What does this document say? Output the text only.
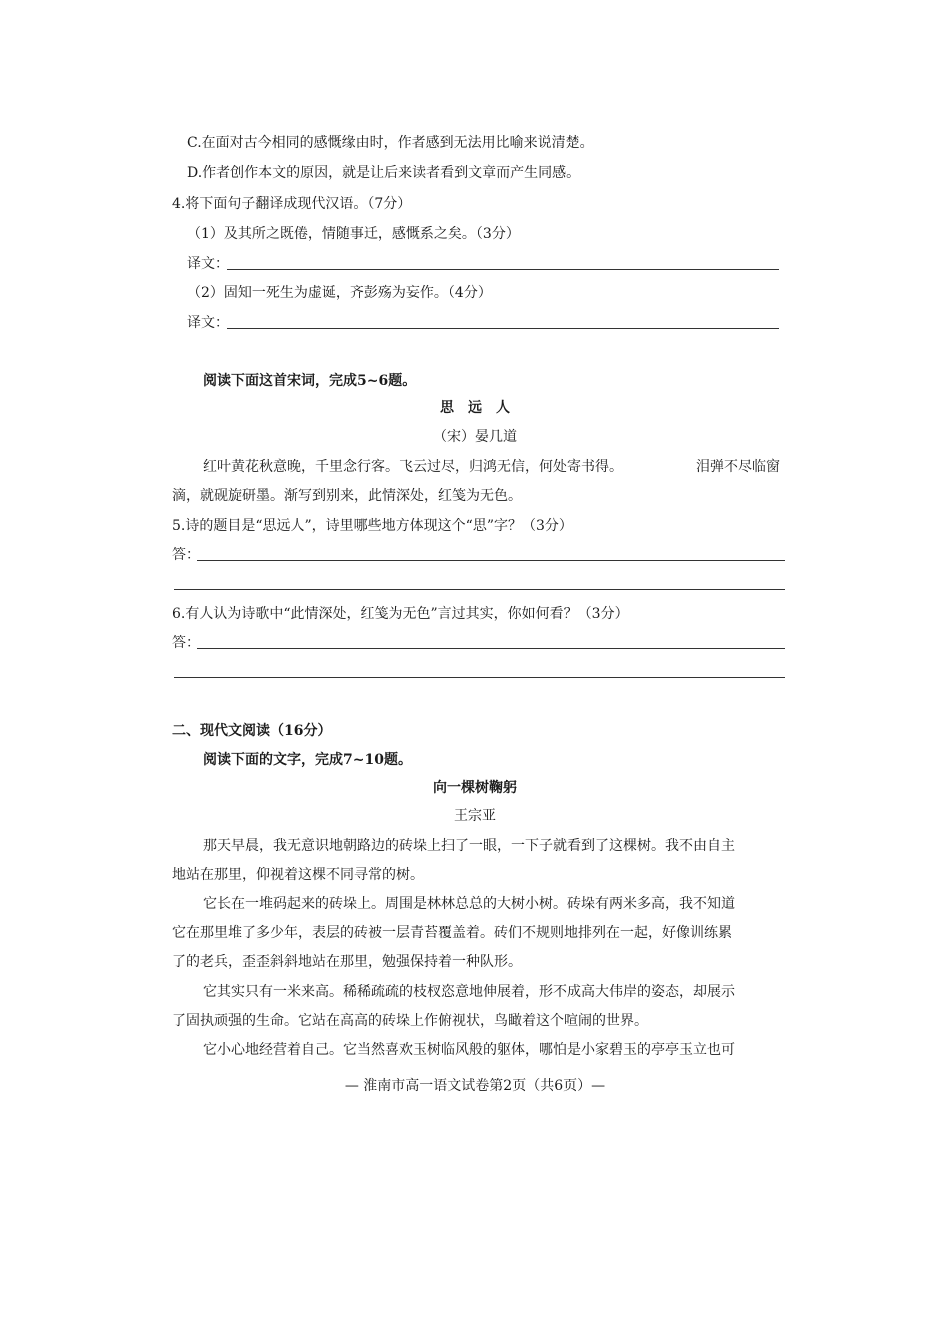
C.在面对古今相同的感慨缘由时，作者感到无法用比喻来说清楚。
D.作者创作本文的原因，就是让后来读者看到文章而产生同感。
4.将下面句子翻译成现代汉语。（7分）
（1）及其所之既倦，情随事迁，感慨系之矣。（3分）
译文：
（2）固知一死生为虚诞，齐彭殇为妄作。（4分）
译文：
阅读下面这首宋词，完成5~6题。
思　远　人
（宋）晏几道
红叶黄花秋意晚，千里念行客。飞云过尽，归鸿无信，何处寄书得。	泪弹不尽临窗
滴，就砚旋研墨。渐写到别来，此情深处，红笺为无色。
5.诗的题目是“思远人”，诗里哪些地方体现这个“思”字？（3分）
答：
6.有人认为诗歌中“此情深处，红笺为无色”言过其实，你如何看？（3分）
答：
二、现代文阅读（16分）
阅读下面的文字，完成7~10题。
向一棵树鞠躬
王宗亚
那天早晨，我无意识地朝路边的砖垛上扫了一眼，一下子就看到了这棵树。我不由自主
地站在那里，仰视着这棵不同寻常的树。
它长在一堆码起来的砖垛上。周围是林林总总的大树小树。砖垛有两米多高，我不知道
它在那里堆了多少年，表层的砖被一层青苔覆盖着。砖们不规则地排列在一起，好像训练累
了的老兵，歪歪斜斜地站在那里，勉强保持着一种队形。
它其实只有一米来高。稀稀疏疏的枝杈恣意地伸展着，形不成高大伟岸的姿态，却展示
了固执顽强的生命。它站在高高的砖垛上作俯视状，鸟瞰着这个喧闹的世界。
它小心地经营着自己。它当然喜欢玉树临风般的躯体，哪怕是小家碧玉的亭亭玉立也可
— 淮南市高一语文试卷第2页（共6页）—
